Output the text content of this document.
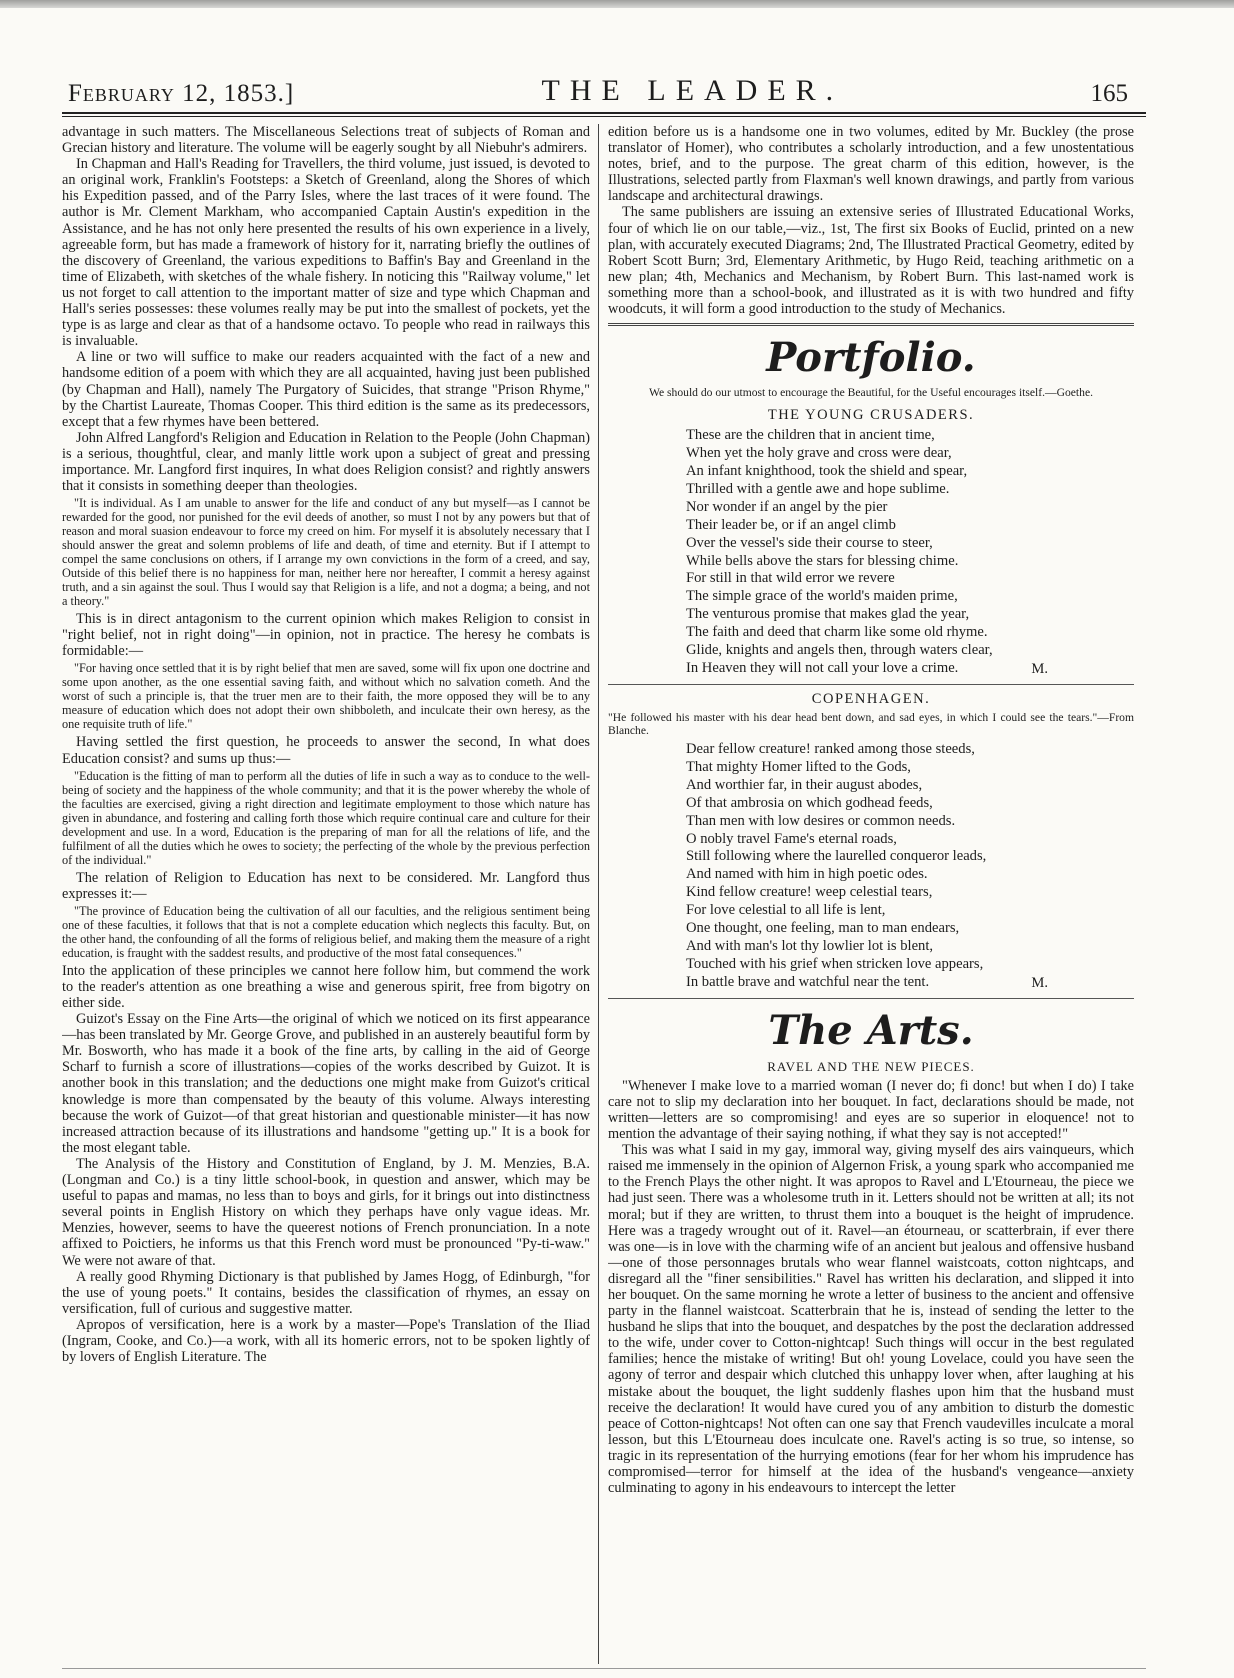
February 12, 1853.]	THE LEADER.	165

advantage in such matters. The Miscellaneous Selections treat of subjects of Roman and Grecian history and literature. The volume will be eagerly sought by all Niebuhr's admirers.

In Chapman and Hall's Reading for Travellers, the third volume, just issued, is devoted to an original work, Franklin's Footsteps: a Sketch of Greenland, along the Shores of which his Expedition passed, and of the Parry Isles, where the last traces of it were found. The author is Mr. Clement Markham, who accompanied Captain Austin's expedition in the Assistance, and he has not only here presented the results of his own experience in a lively, agreeable form, but has made a framework of history for it, narrating briefly the outlines of the discovery of Greenland, the various expeditions to Baffin's Bay and Greenland in the time of Elizabeth, with sketches of the whale fishery. In noticing this "Railway volume," let us not forget to call attention to the important matter of size and type which Chapman and Hall's series possesses: these volumes really may be put into the smallest of pockets, yet the type is as large and clear as that of a handsome octavo. To people who read in railways this is invaluable.

A line or two will suffice to make our readers acquainted with the fact of a new and handsome edition of a poem with which they are all acquainted, having just been published (by Chapman and Hall), namely The Purgatory of Suicides, that strange "Prison Rhyme," by the Chartist Laureate, Thomas Cooper. This third edition is the same as its predecessors, except that a few rhymes have been bettered.

John Alfred Langford's Religion and Education in Relation to the People (John Chapman) is a serious, thoughtful, clear, and manly little work upon a subject of great and pressing importance. Mr. Langford first inquires, In what does Religion consist? and rightly answers that it consists in something deeper than theologies.

"It is individual. As I am unable to answer for the life and conduct of any but myself—as I cannot be rewarded for the good, nor punished for the evil deeds of another, so must I not by any powers but that of reason and moral suasion endeavour to force my creed on him. For myself it is absolutely necessary that I should answer the great and solemn problems of life and death, of time and eternity. But if I attempt to compel the same conclusions on others, if I arrange my own convictions in the form of a creed, and say, Outside of this belief there is no happiness for man, neither here nor hereafter, I commit a heresy against truth, and a sin against the soul. Thus I would say that Religion is a life, and not a dogma; a being, and not a theory."

This is in direct antagonism to the current opinion which makes Religion to consist in "right belief, not in right doing"—in opinion, not in practice. The heresy he combats is formidable:—

"For having once settled that it is by right belief that men are saved, some will fix upon one doctrine and some upon another, as the one essential saving faith, and without which no salvation cometh. And the worst of such a principle is, that the truer men are to their faith, the more opposed they will be to any measure of education which does not adopt their own shibboleth, and inculcate their own heresy, as the one requisite truth of life."

Having settled the first question, he proceeds to answer the second, In what does Education consist? and sums up thus:—

"Education is the fitting of man to perform all the duties of life in such a way as to conduce to the well-being of society and the happiness of the whole community; and that it is the power whereby the whole of the faculties are exercised, giving a right direction and legitimate employment to those which nature has given in abundance, and fostering and calling forth those which require continual care and culture for their development and use. In a word, Education is the preparing of man for all the relations of life, and the fulfilment of all the duties which he owes to society; the perfecting of the whole by the previous perfection of the individual."

The relation of Religion to Education has next to be considered. Mr. Langford thus expresses it:—

"The province of Education being the cultivation of all our faculties, and the religious sentiment being one of these faculties, it follows that that is not a complete education which neglects this faculty. But, on the other hand, the confounding of all the forms of religious belief, and making them the measure of a right education, is fraught with the saddest results, and productive of the most fatal consequences."

Into the application of these principles we cannot here follow him, but commend the work to the reader's attention as one breathing a wise and generous spirit, free from bigotry on either side.

Guizot's Essay on the Fine Arts—the original of which we noticed on its first appearance—has been translated by Mr. George Grove, and published in an austerely beautiful form by Mr. Bosworth, who has made it a book of the fine arts, by calling in the aid of George Scharf to furnish a score of illustrations—copies of the works described by Guizot. It is another book in this translation; and the deductions one might make from Guizot's critical knowledge is more than compensated by the beauty of this volume. Always interesting because the work of Guizot—of that great historian and questionable minister—it has now increased attraction because of its illustrations and handsome "getting up." It is a book for the most elegant table.

The Analysis of the History and Constitution of England, by J. M. Menzies, B.A. (Longman and Co.) is a tiny little school-book, in question and answer, which may be useful to papas and mamas, no less than to boys and girls, for it brings out into distinctness several points in English History on which they perhaps have only vague ideas. Mr. Menzies, however, seems to have the queerest notions of French pronunciation. In a note affixed to Poictiers, he informs us that this French word must be pronounced "Py-ti-waw." We were not aware of that.

A really good Rhyming Dictionary is that published by James Hogg, of Edinburgh, "for the use of young poets." It contains, besides the classification of rhymes, an essay on versification, full of curious and suggestive matter.

Apropos of versification, here is a work by a master—Pope's Translation of the Iliad (Ingram, Cooke, and Co.)—a work, with all its homeric errors, not to be spoken lightly of by lovers of English Literature. The

edition before us is a handsome one in two volumes, edited by Mr. Buckley (the prose translator of Homer), who contributes a scholarly introduction, and a few unostentatious notes, brief, and to the purpose. The great charm of this edition, however, is the Illustrations, selected partly from Flaxman's well known drawings, and partly from various landscape and architectural drawings.

The same publishers are issuing an extensive series of Illustrated Educational Works, four of which lie on our table,—viz., 1st, The first six Books of Euclid, printed on a new plan, with accurately executed Diagrams; 2nd, The Illustrated Practical Geometry, edited by Robert Scott Burn; 3rd, Elementary Arithmetic, by Hugo Reid, teaching arithmetic on a new plan; 4th, Mechanics and Mechanism, by Robert Burn. This last-named work is something more than a school-book, and illustrated as it is with two hundred and fifty woodcuts, it will form a good introduction to the study of Mechanics.

Portfolio.
We should do our utmost to encourage the Beautiful, for the Useful encourages itself.—Goethe.
THE YOUNG CRUSADERS.
These are the children that in ancient time,
When yet the holy grave and cross were dear,
An infant knighthood, took the shield and spear,
Thrilled with a gentle awe and hope sublime.
Nor wonder if an angel by the pier
Their leader be, or if an angel climb
Over the vessel's side their course to steer,
While bells above the stars for blessing chime.
For still in that wild error we revere
The simple grace of the world's maiden prime,
The venturous promise that makes glad the year,
The faith and deed that charm like some old rhyme.
Glide, knights and angels then, through waters clear,
In Heaven they will not call your love a crime.	M.
COPENHAGEN.

"He followed his master with his dear head bent down, and sad eyes, in which I could see the tears."—From Blanche.

Dear fellow creature! ranked among those steeds,
That mighty Homer lifted to the Gods,
And worthier far, in their august abodes,
Of that ambrosia on which godhead feeds,
Than men with low desires or common needs.
O nobly travel Fame's eternal roads,
Still following where the laurelled conqueror leads,
And named with him in high poetic odes.
Kind fellow creature! weep celestial tears,
For love celestial to all life is lent,
One thought, one feeling, man to man endears,
And with man's lot thy lowlier lot is blent,
Touched with his grief when stricken love appears,
In battle brave and watchful near the tent.	M.
The Arts.
RAVEL AND THE NEW PIECES.

"Whenever I make love to a married woman (I never do; fi donc! but when I do) I take care not to slip my declaration into her bouquet. In fact, declarations should be made, not written—letters are so compromising! and eyes are so superior in eloquence! not to mention the advantage of their saying nothing, if what they say is not accepted!"

This was what I said in my gay, immoral way, giving myself des airs vainqueurs, which raised me immensely in the opinion of Algernon Frisk, a young spark who accompanied me to the French Plays the other night. It was apropos to Ravel and L'Etourneau, the piece we had just seen. There was a wholesome truth in it. Letters should not be written at all; its not moral; but if they are written, to thrust them into a bouquet is the height of imprudence. Here was a tragedy wrought out of it. Ravel—an étourneau, or scatterbrain, if ever there was one—is in love with the charming wife of an ancient but jealous and offensive husband—one of those personnages brutals who wear flannel waistcoats, cotton nightcaps, and disregard all the "finer sensibilities." Ravel has written his declaration, and slipped it into her bouquet. On the same morning he wrote a letter of business to the ancient and offensive party in the flannel waistcoat. Scatterbrain that he is, instead of sending the letter to the husband he slips that into the bouquet, and despatches by the post the declaration addressed to the wife, under cover to Cotton-nightcap! Such things will occur in the best regulated families; hence the mistake of writing! But oh! young Lovelace, could you have seen the agony of terror and despair which clutched this unhappy lover when, after laughing at his mistake about the bouquet, the light suddenly flashes upon him that the husband must receive the declaration! It would have cured you of any ambition to disturb the domestic peace of Cotton-nightcaps! Not often can one say that French vaudevilles inculcate a moral lesson, but this L'Etourneau does inculcate one. Ravel's acting is so true, so intense, so tragic in its representation of the hurrying emotions (fear for her whom his imprudence has compromised—terror for himself at the idea of the husband's vengeance—anxiety culminating to agony in his endeavours to intercept the letter
